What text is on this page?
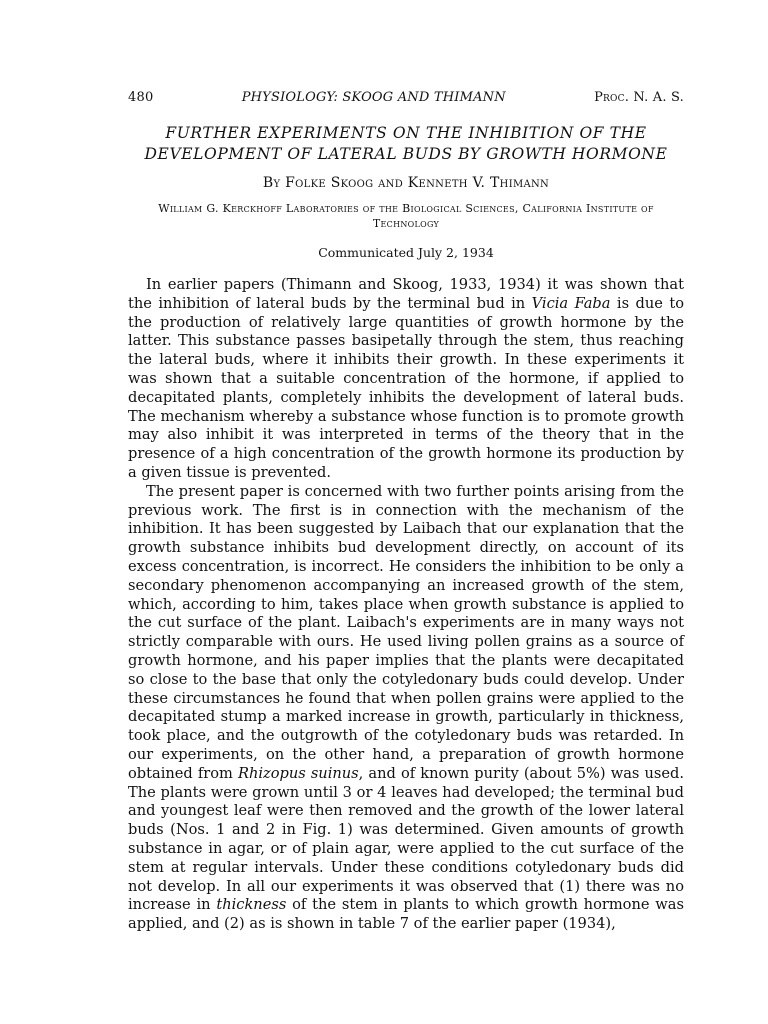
480	PHYSIOLOGY: SKOOG AND THIMANN	Proc. N. A. S.
FURTHER EXPERIMENTS ON THE INHIBITION OF THE DEVELOPMENT OF LATERAL BUDS BY GROWTH HORMONE
By Folke Skoog and Kenneth V. Thimann
William G. Kerckhoff Laboratories of the Biological Sciences, California Institute of Technology
Communicated July 2, 1934

In earlier papers (Thimann and Skoog, 1933, 1934) it was shown that the inhibition of lateral buds by the terminal bud in Vicia Faba is due to the production of relatively large quantities of growth hormone by the latter. This substance passes basipetally through the stem, thus reaching the lateral buds, where it inhibits their growth. In these experiments it was shown that a suitable concentration of the hormone, if applied to decapitated plants, completely inhibits the development of lateral buds. The mechanism whereby a substance whose function is to promote growth may also inhibit it was interpreted in terms of the theory that in the presence of a high concentration of the growth hormone its production by a given tissue is prevented.

The present paper is concerned with two further points arising from the previous work. The first is in connection with the mechanism of the inhibition. It has been suggested by Laibach that our explanation that the growth substance inhibits bud development directly, on account of its excess concentration, is incorrect. He considers the inhibition to be only a secondary phenomenon accompanying an increased growth of the stem, which, according to him, takes place when growth substance is applied to the cut surface of the plant. Laibach's experiments are in many ways not strictly comparable with ours. He used living pollen grains as a source of growth hormone, and his paper implies that the plants were decapitated so close to the base that only the cotyledonary buds could develop. Under these circumstances he found that when pollen grains were applied to the decapitated stump a marked increase in growth, particularly in thickness, took place, and the outgrowth of the cotyledonary buds was retarded. In our experiments, on the other hand, a preparation of growth hormone obtained from Rhizopus suinus, and of known purity (about 5%) was used. The plants were grown until 3 or 4 leaves had developed; the terminal bud and youngest leaf were then removed and the growth of the lower lateral buds (Nos. 1 and 2 in Fig. 1) was determined. Given amounts of growth substance in agar, or of plain agar, were applied to the cut surface of the stem at regular intervals. Under these conditions cotyledonary buds did not develop. In all our experiments it was observed that (1) there was no increase in thickness of the stem in plants to which growth hormone was applied, and (2) as is shown in table 7 of the earlier paper (1934),
